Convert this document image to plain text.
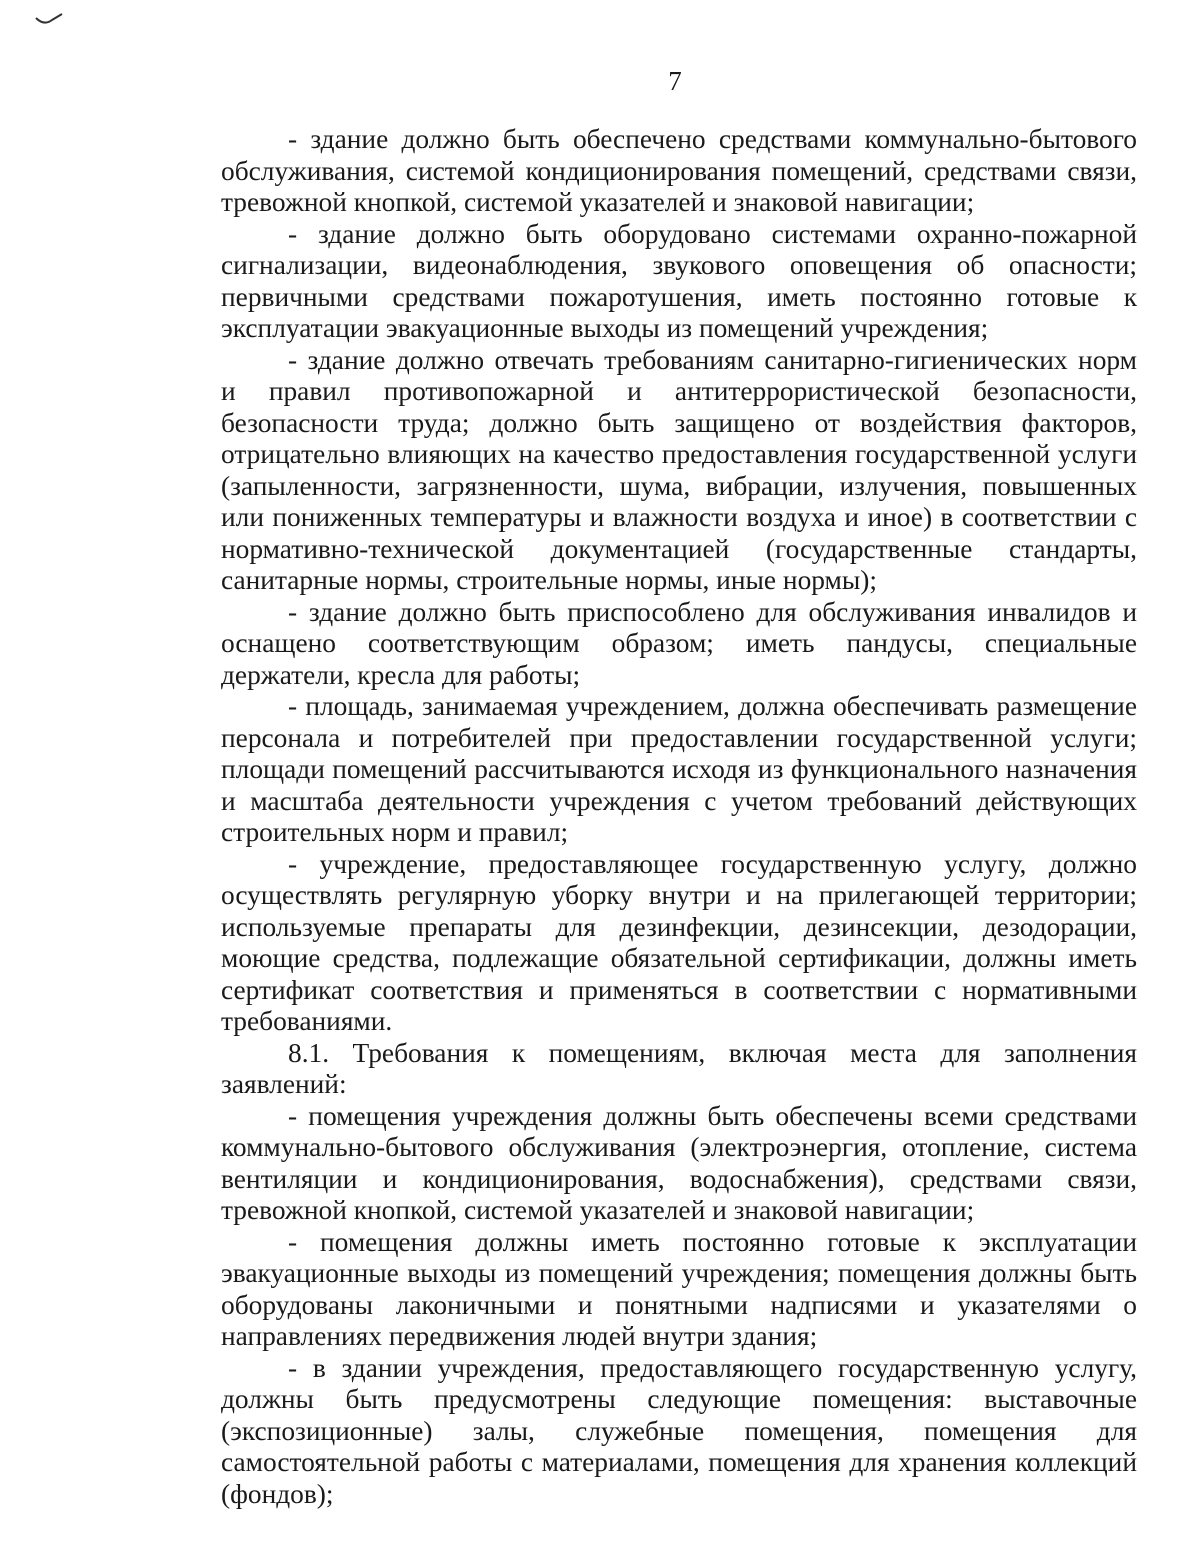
7

- здание должно быть обеспечено средствами коммунально-бытового обслуживания, системой кондиционирования помещений, средствами связи, тревожной кнопкой, системой указателей и знаковой навигации;

- здание должно быть оборудовано системами охранно-пожарной сигнализации, видеонаблюдения, звукового оповещения об опасности; первичными средствами пожаротушения, иметь постоянно готовые к эксплуатации эвакуационные выходы из помещений учреждения;

- здание должно отвечать требованиям санитарно-гигиенических норм и правил противопожарной и антитеррористической безопасности, безопасности труда; должно быть защищено от воздействия факторов, отрицательно влияющих на качество предоставления государственной услуги (запыленности, загрязненности, шума, вибрации, излучения, повышенных или пониженных температуры и влажности воздуха и иное) в соответствии с нормативно-технической документацией (государственные стандарты, санитарные нормы, строительные нормы, иные нормы);

- здание должно быть приспособлено для обслуживания инвалидов и оснащено соответствующим образом; иметь пандусы, специальные держатели, кресла для работы;

- площадь, занимаемая учреждением, должна обеспечивать размещение персонала и потребителей при предоставлении государственной услуги; площади помещений рассчитываются исходя из функционального назначения и масштаба деятельности учреждения с учетом требований действующих строительных норм и правил;

- учреждение, предоставляющее государственную услугу, должно осуществлять регулярную уборку внутри и на прилегающей территории; используемые препараты для дезинфекции, дезинсекции, дезодорации, моющие средства, подлежащие обязательной сертификации, должны иметь сертификат соответствия и применяться в соответствии с нормативными требованиями.

8.1. Требования к помещениям, включая места для заполнения заявлений:

- помещения учреждения должны быть обеспечены всеми средствами коммунально-бытового обслуживания (электроэнергия, отопление, система вентиляции и кондиционирования, водоснабжения), средствами связи, тревожной кнопкой, системой указателей и знаковой навигации;

- помещения должны иметь постоянно готовые к эксплуатации эвакуационные выходы из помещений учреждения; помещения должны быть оборудованы лаконичными и понятными надписями и указателями о направлениях передвижения людей внутри здания;

- в здании учреждения, предоставляющего государственную услугу, должны быть предусмотрены следующие помещения: выставочные (экспозиционные) залы, служебные помещения, помещения для самостоятельной работы с материалами, помещения для хранения коллекций (фондов);
